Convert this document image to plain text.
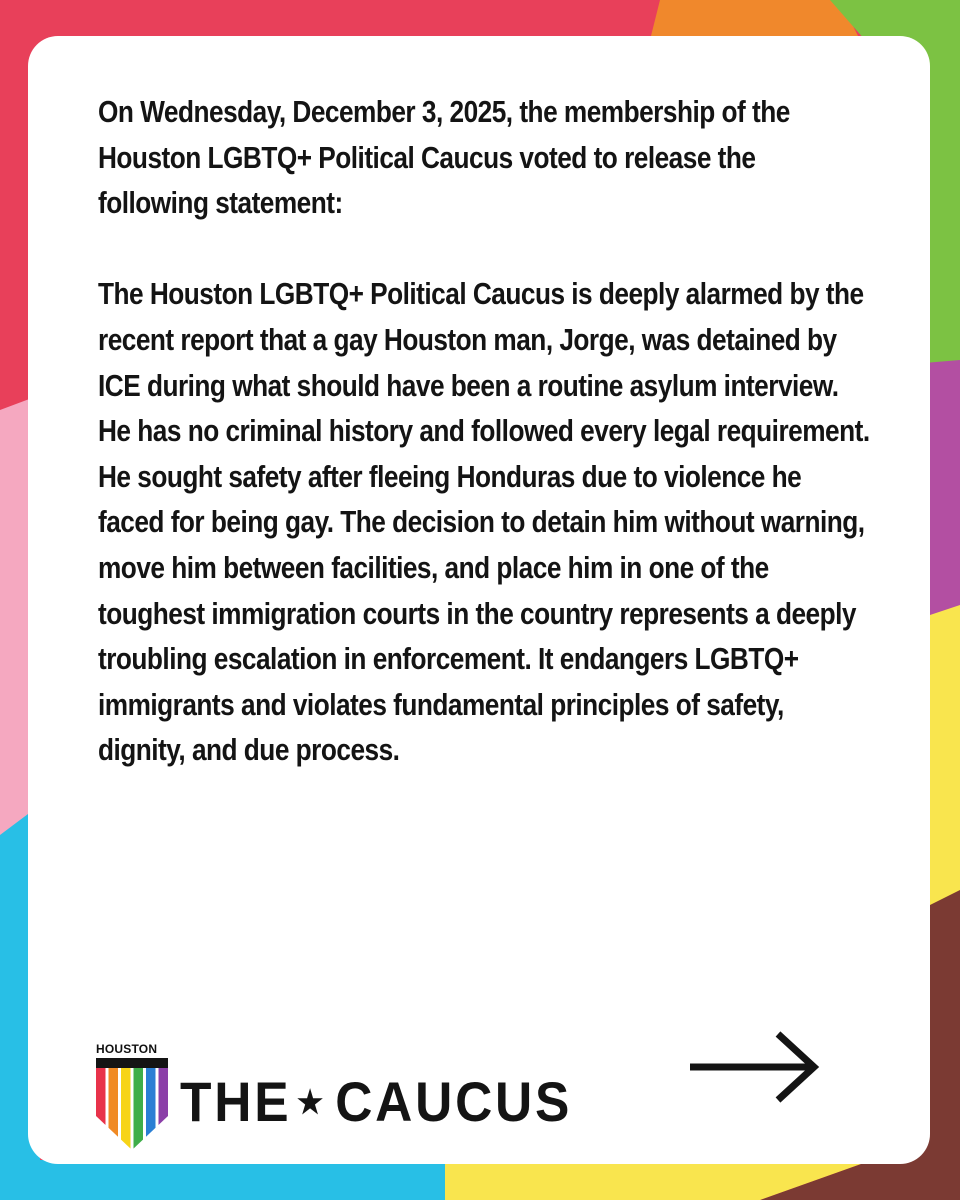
On Wednesday, December 3, 2025, the membership of the Houston LGBTQ+ Political Caucus voted to release the following statement:

The Houston LGBTQ+ Political Caucus is deeply alarmed by the recent report that a gay Houston man, Jorge, was detained by ICE during what should have been a routine asylum interview. He has no criminal history and followed every legal requirement. He sought safety after fleeing Honduras due to violence he faced for being gay. The decision to detain him without warning, move him between facilities, and place him in one of the toughest immigration courts in the country represents a deeply troubling escalation in enforcement. It endangers LGBTQ+ immigrants and violates fundamental principles of safety, dignity, and due process.

HOUSTON
THE ★ CAUCUS
